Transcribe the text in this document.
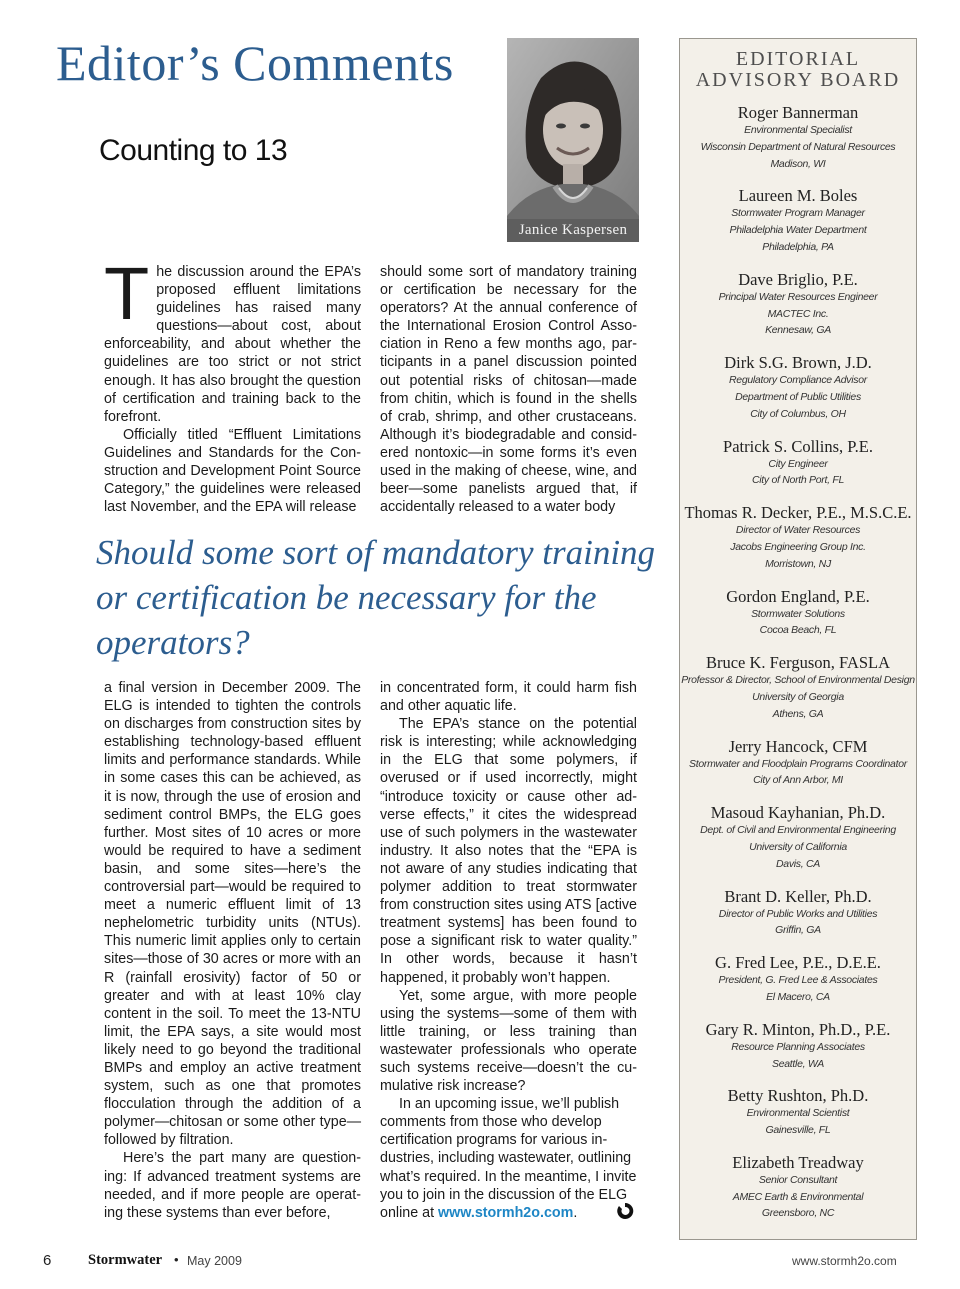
Editor’s Comments
Counting to 13
Janice Kaspersen

The discussion around the EPA’s proposed effluent limitations guidelines has raised many questions—about cost, about enforceability, and about whether the guidelines are too strict or not strict enough. It has also brought the question of certification and training back to the forefront.

Officially titled “Effluent Limitations Guidelines and Standards for the Construction and Development Point Source Category,” the guidelines were released last November, and the EPA will release

should some sort of mandatory training or certification be necessary for the operators? At the annual conference of the International Erosion Control Association in Reno a few months ago, participants in a panel discussion pointed out potential risks of chitosan—made from chitin, which is found in the shells of crab, shrimp, and other crustaceans. Although it’s biodegradable and considered nontoxic—in some forms it’s even used in the making of cheese, wine, and beer—some panelists argued that, if accidentally released to a water body

Should some sort of mandatory training or certification be necessary for the operators?

a final version in December 2009. The ELG is intended to tighten the controls on discharges from construction sites by establishing technology-based effluent limits and performance standards. While in some cases this can be achieved, as it is now, through the use of erosion and sediment control BMPs, the ELG goes further. Most sites of 10 acres or more would be required to have a sediment basin, and some sites—here’s the controversial part—would be required to meet a numeric effluent limit of 13 nephelometric turbidity units (NTUs). This numeric limit applies only to certain sites—those of 30 acres or more with an R (rainfall erosivity) factor of 50 or greater and with at least 10% clay content in the soil. To meet the 13-NTU limit, the EPA says, a site would most likely need to go beyond the traditional BMPs and employ an active treatment system, such as one that promotes flocculation through the addition of a polymer—chitosan or some other type—followed by filtration.

Here’s the part many are questioning: If advanced treatment systems are needed, and if more people are operating these systems than ever before,

in concentrated form, it could harm fish and other aquatic life.

The EPA’s stance on the potential risk is interesting; while acknowledging in the ELG that some polymers, if overused or if used incorrectly, might “introduce toxicity or cause other adverse effects,” it cites the widespread use of such polymers in the wastewater industry. It also notes that the “EPA is not aware of any studies indicating that polymer addition to treat stormwater from construction sites using ATS [active treatment systems] has been found to pose a significant risk to water quality.” In other words, because it hasn’t happened, it probably won’t happen.

Yet, some argue, with more people using the systems—some of them with little training, or less training than wastewater professionals who operate such systems receive—doesn’t the cumulative risk increase?

In an upcoming issue, we’ll publish comments from those who develop certification programs for various industries, including wastewater, outlining what’s required. In the meantime, I invite you to join in the discussion of the ELG online at www.stormh2o.com.

EDITORIAL
ADVISORY BOARD
Roger Bannerman
Environmental Specialist
Wisconsin Department of Natural Resources
Madison, WI
Laureen M. Boles
Stormwater Program Manager
Philadelphia Water Department
Philadelphia, PA
Dave Briglio, P.E.
Principal Water Resources Engineer
MACTEC Inc.
Kennesaw, GA
Dirk S.G. Brown, J.D.
Regulatory Compliance Advisor
Department of Public Utilities
City of Columbus, OH
Patrick S. Collins, P.E.
City Engineer
City of North Port, FL
Thomas R. Decker, P.E., M.S.C.E.
Director of Water Resources
Jacobs Engineering Group Inc.
Morristown, NJ
Gordon England, P.E.
Stormwater Solutions
Cocoa Beach, FL
Bruce K. Ferguson, FASLA
Professor & Director, School of Environmental Design
University of Georgia
Athens, GA
Jerry Hancock, CFM
Stormwater and Floodplain Programs Coordinator
City of Ann Arbor, MI
Masoud Kayhanian, Ph.D.
Dept. of Civil and Environmental Engineering
University of California
Davis, CA
Brant D. Keller, Ph.D.
Director of Public Works and Utilities
Griffin, GA
G. Fred Lee, P.E., D.E.E.
President, G. Fred Lee & Associates
El Macero, CA
Gary R. Minton, Ph.D., P.E.
Resource Planning Associates
Seattle, WA
Betty Rushton, Ph.D.
Environmental Scientist
Gainesville, FL
Elizabeth Treadway
Senior Consultant
AMEC Earth & Environmental
Greensboro, NC
6	Stormwater • May 2009	www.stormh2o.com
